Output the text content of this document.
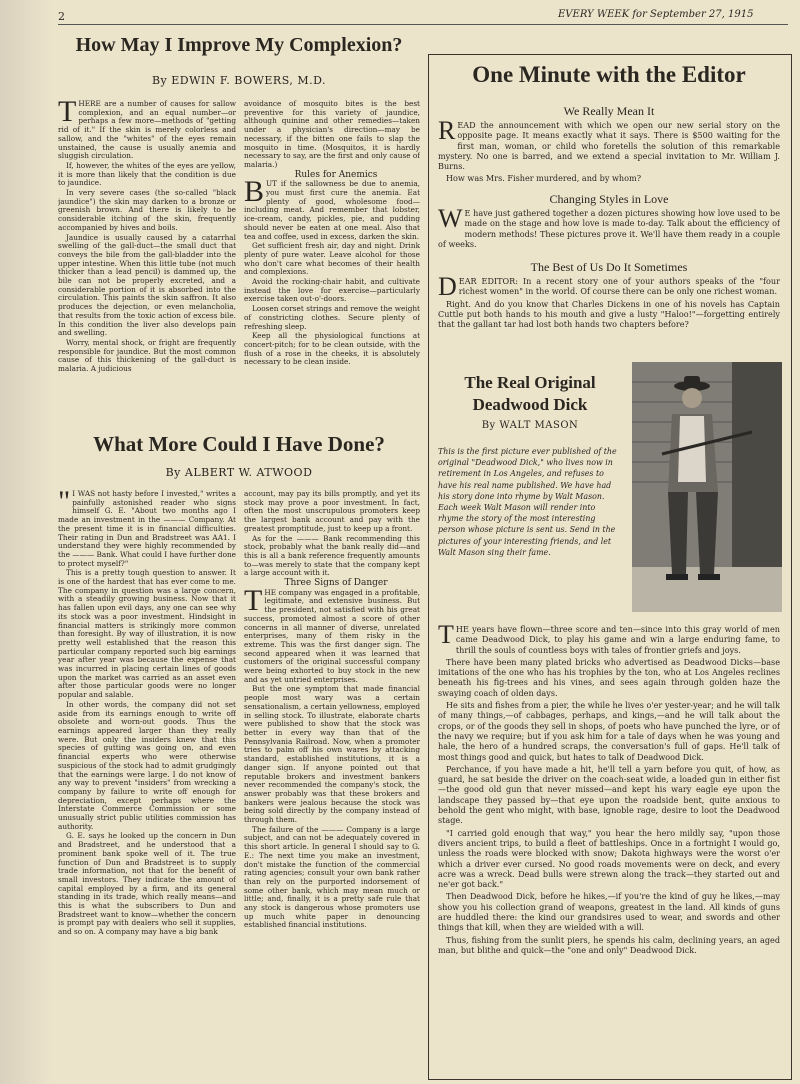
2	EVERY WEEK for September 27, 1915
How May I Improve My Complexion?
By EDWIN F. BOWERS, M.D.

THERE are a number of causes for sallow complexion, and an equal number—or perhaps a few more—methods of "getting rid of it." If the skin is merely colorless and sallow, and the "whites" of the eyes remain unstained, the cause is usually anemia and sluggish circulation.

If, however, the whites of the eyes are yellow, it is more than likely that the condition is due to jaundice.

In very severe cases (the so-called "black jaundice") the skin may darken to a bronze or greenish brown. And there is likely to be considerable itching of the skin, frequently accompanied by hives and boils.

Jaundice is usually caused by a catarrhal swelling of the gall-duct—the small duct that conveys the bile from the gall-bladder into the upper intestine. When this little tube (not much thicker than a lead pencil) is dammed up, the bile can not be properly excreted, and a considerable portion of it is absorbed into the circulation. This paints the skin saffron. It also produces the dejection, or even melancholia, that results from the toxic action of excess bile. In this condition the liver also develops pain and swelling.

Worry, mental shock, or fright are frequently responsible for jaundice. But the most common cause of this thickening of the gall-duct is malaria. A judicious

avoidance of mosquito bites is the best preventive for this variety of jaundice, although quinine and other remedies—taken under a physician's direction—may be necessary, if the bitten one fails to slap the mosquito in time. (Mosquitos, it is hardly necessary to say, are the first and only cause of malaria.)

Rules for Anemics

BUT if the sallowness be due to anemia, you must first cure the anemia. Eat plenty of good, wholesome food—including meat. And remember that lobster, ice-cream, candy, pickles, pie, and pudding should never be eaten at one meal. Also that tea and coffee, used in excess, darken the skin.

Get sufficient fresh air, day and night. Drink plenty of pure water. Leave alcohol for those who don't care what becomes of their health and complexions.

Avoid the rocking-chair habit, and cultivate instead the love for exercise—particularly exercise taken out-o'-doors.

Loosen corset strings and remove the weight of constricting clothes. Secure plenty of refreshing sleep.

Keep all the physiological functions at concert-pitch; for to be clean outside, with the flush of a rose in the cheeks, it is absolutely necessary to be clean inside.

What More Could I Have Done?
By ALBERT W. ATWOOD

" I WAS not hasty before I invested," writes a painfully astonished reader who signs himself G. E. "About two months ago I made an investment in the ——— Company. At the present time it is in financial difficulties. Their rating in Dun and Bradstreet was AA1. I understand they were highly recommended by the ——— Bank. What could I have further done to protect myself?"

This is a pretty tough question to answer. It is one of the hardest that has ever come to me. The company in question was a large concern, with a steadily growing business. Now that it has fallen upon evil days, any one can see why its stock was a poor investment. Hindsight in financial matters is strikingly more common than foresight. By way of illustration, it is now pretty well established that the reason this particular company reported such big earnings year after year was because the expense that was incurred in placing certain lines of goods upon the market was carried as an asset even after those particular goods were no longer popular and salable.

In other words, the company did not set aside from its earnings enough to write off obsolete and worn-out goods. Thus the earnings appeared larger than they really were. But only the insiders knew that this species of gutting was going on, and even financial experts who were otherwise suspicious of the stock had to admit grudgingly that the earnings were large. I do not know of any way to prevent "insiders" from wrecking a company by failure to write off enough for depreciation, except perhaps where the Interstate Commerce Commission or some unusually strict public utilities commission has authority.

G. E. says he looked up the concern in Dun and Bradstreet, and he understood that a prominent bank spoke well of it. The true function of Dun and Bradstreet is to supply trade information, not that for the benefit of small investors. They indicate the amount of capital employed by a firm, and its general standing in its trade, which really means—and this is what the subscribers to Dun and Bradstreet want to know—whether the concern is prompt pay with dealers who sell it supplies, and so on. A company may have a big bank

account, may pay its bills promptly, and yet its stock may prove a poor investment. In fact, often the most unscrupulous promoters keep the largest bank account and pay with the greatest promptitude, just to keep up a front.

As for the ——— Bank recommending this stock, probably what the bank really did—and this is all a bank reference frequently amounts to—was merely to state that the company kept a large account with it.

Three Signs of Danger

THE company was engaged in a profitable, legitimate, and extensive business. But the president, not satisfied with his great success, promoted almost a score of other concerns in all manner of diverse, unrelated enterprises, many of them risky in the extreme. This was the first danger sign. The second appeared when it was learned that customers of the original successful company were being exhorted to buy stock in the new and as yet untried enterprises.

But the one symptom that made financial people most wary was a certain sensationalism, a certain yellowness, employed in selling stock. To illustrate, elaborate charts were published to show that the stock was better in every way than that of the Pennsylvania Railroad. Now, when a promoter tries to palm off his own wares by attacking standard, established institutions, it is a danger sign. If anyone pointed out that reputable brokers and investment bankers never recommended the company's stock, the answer probably was that these brokers and bankers were jealous because the stock was being sold directly by the company instead of through them.

The failure of the ——— Company is a large subject, and can not be adequately covered in this short article. In general I should say to G. E.: The next time you make an investment, don't mistake the function of the commercial rating agencies; consult your own bank rather than rely on the purported indorsement of some other bank, which may mean much or little; and, finally, it is a pretty safe rule that any stock is dangerous whose promoters use up much white paper in denouncing established financial institutions.

One Minute with the Editor
We Really Mean It

READ the announcement with which we open our new serial story on the opposite page. It means exactly what it says. There is $500 waiting for the first man, woman, or child who foretells the solution of this remarkable mystery. No one is barred, and we extend a special invitation to Mr. William J. Burns.

How was Mrs. Fisher murdered, and by whom?

Changing Styles in Love

W E have just gathered together a dozen pictures showing how love used to be made on the stage and how love is made to-day. Talk about the efficiency of modern methods! These pictures prove it. We'll have them ready in a couple of weeks.

The Best of Us Do It Sometimes

DEAR EDITOR: In a recent story one of your authors speaks of the "four richest women" in the world. Of course there can be only one richest woman.

Right. And do you know that Charles Dickens in one of his novels has Captain Cuttle put both hands to his mouth and give a lusty "Haloo!"—forgetting entirely that the gallant tar had lost both hands two chapters before?

The Real Original
Deadwood Dick
By WALT MASON
This is the first picture ever published of the original "Deadwood Dick," who lives now in retirement in Los Angeles, and refuses to have his real name published. We have had his story done into rhyme by Walt Mason. Each week Walt Mason will render into rhyme the story of the most interesting person whose picture is sent us. Send in the pictures of your interesting friends, and let Walt Mason sing their fame.

THE years have flown—three score and ten—since into this gray world of men came Deadwood Dick, to play his game and win a large enduring fame, to thrill the souls of countless boys with tales of frontier griefs and joys.

There have been many plated bricks who advertised as Deadwood Dicks—base imitations of the one who has his trophies by the ton, who at Los Angeles reclines beneath his fig-trees and his vines, and sees again through golden haze the swaying coach of olden days.

He sits and fishes from a pier, the while he lives o'er yester-year; and he will talk of many things,—of cabbages, perhaps, and kings,—and he will talk about the crops, or of the goods they sell in shops, of poets who have punched the lyre, or of the navy we require; but if you ask him for a tale of days when he was young and hale, the hero of a hundred scraps, the conversation's full of gaps. He'll talk of most things good and quick, but hates to talk of Deadwood Dick.

Perchance, if you have made a hit, he'll tell a yarn before you quit, of how, as guard, he sat beside the driver on the coach-seat wide, a loaded gun in either fist—the good old gun that never missed—and kept his wary eagle eye upon the landscape they passed by—that eye upon the roadside bent, quite anxious to behold the gent who might, with base, ignoble rage, desire to loot the Deadwood stage.

"I carried gold enough that way," you hear the hero mildly say, "upon those divers ancient trips, to build a fleet of battleships. Once in a fortnight I would go, unless the roads were blocked with snow; Dakota highways were the worst o'er which a driver ever cursed. No good roads movements were on deck, and every acre was a wreck. Dead bulls were strewn along the track—they started out and ne'er got back."

Then Deadwood Dick, before he hikes,—if you're the kind of guy he likes,—may show you his collection grand of weapons, greatest in the land. All kinds of guns are huddled there: the kind our grandsires used to wear, and swords and other things that kill, when they are wielded with a will.

Thus, fishing from the sunlit piers, he spends his calm, declining years, an aged man, but blithe and quick—the "one and only" Deadwood Dick.
